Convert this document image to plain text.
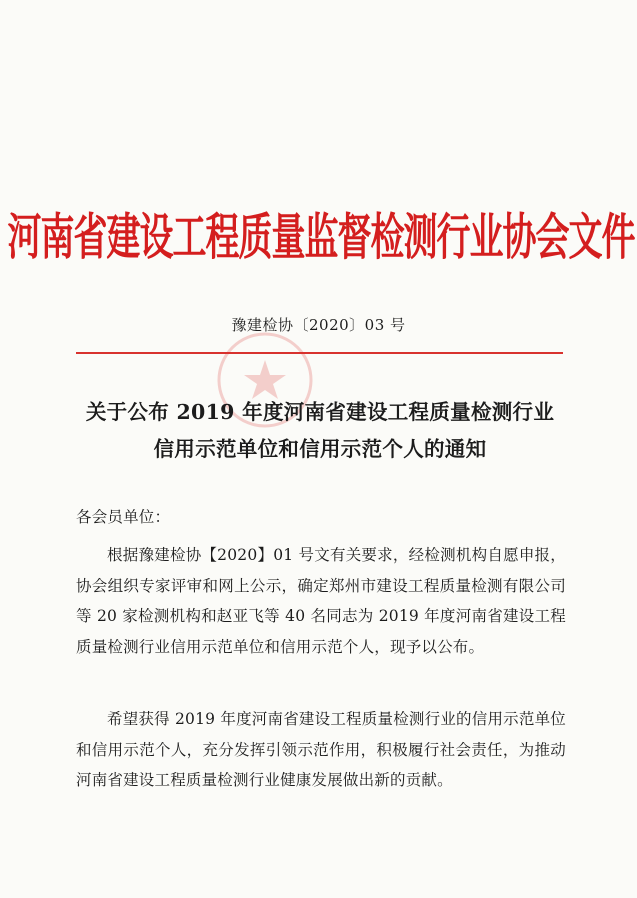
河南省建设工程质量监督检测行业协会文件
豫建检协〔2020〕03 号
关于公布 2019 年度河南省建设工程质量检测行业
信用示范单位和信用示范个人的通知
各会员单位：
根据豫建检协【2020】01 号文有关要求，经检测机构自愿申报，协会组织专家评审和网上公示，确定郑州市建设工程质量检测有限公司等 20 家检测机构和赵亚飞等 40 名同志为 2019 年度河南省建设工程质量检测行业信用示范单位和信用示范个人，现予以公布。
希望获得 2019 年度河南省建设工程质量检测行业的信用示范单位和信用示范个人，充分发挥引领示范作用，积极履行社会责任，为推动河南省建设工程质量检测行业健康发展做出新的贡献。
